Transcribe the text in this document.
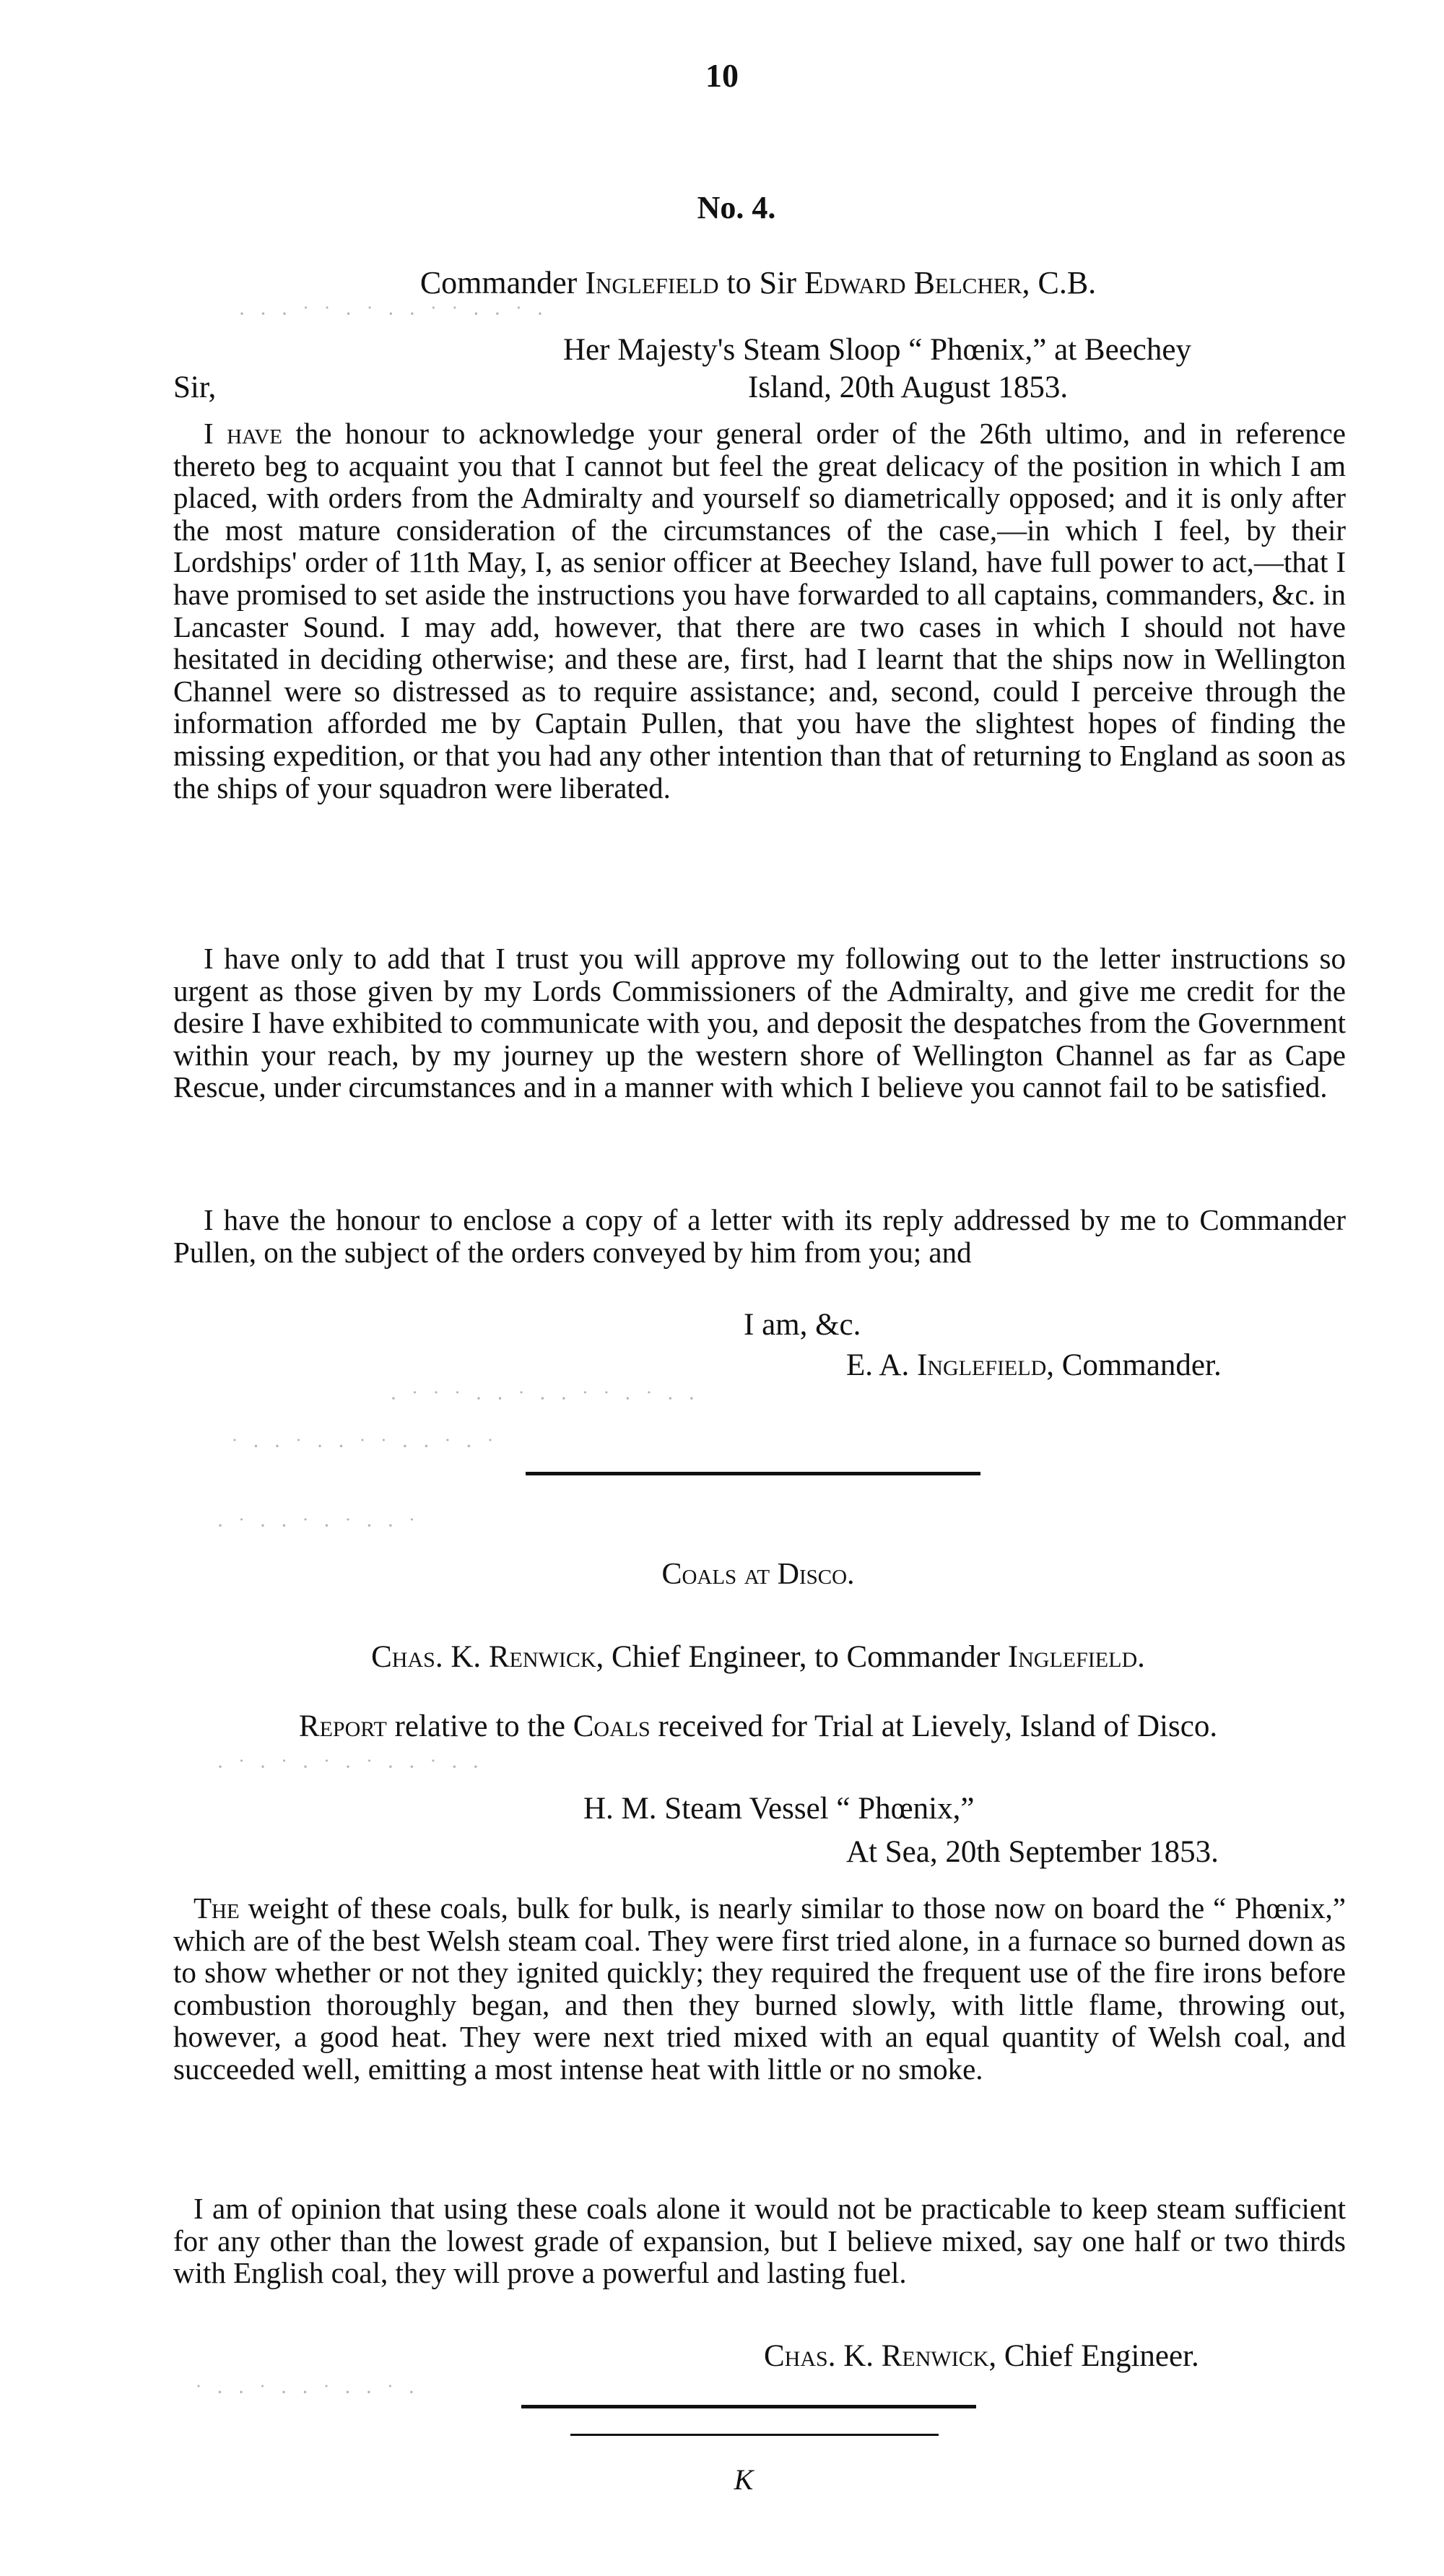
10
No. 4.
Commander Inglefield to Sir Edward Belcher, C.B.
· · · ˙ ˙ · ˙ · · ˙ ˙ · · ˙ ·
Her Majesty's Steam Sloop “ Phœnix,” at Beechey
Sir,	Island, 20th August 1853.
I have the honour to acknowledge your general order of the 26th ultimo, and in reference thereto beg to acquaint you that I cannot but feel the great delicacy of the position in which I am placed, with orders from the Admiralty and yourself so diametrically opposed; and it is only after the most mature consideration of the circumstances of the case,—in which I feel, by their Lordships' order of 11th May, I, as senior officer at Beechey Island, have full power to act,—that I have promised to set aside the instructions you have forwarded to all captains, commanders, &c. in Lancaster Sound. I may add, however, that there are two cases in which I should not have hesitated in deciding otherwise; and these are, first, had I learnt that the ships now in Wellington Channel were so distressed as to require assistance; and, second, could I perceive through the information afforded me by Captain Pullen, that you have the slightest hopes of finding the missing expedition, or that you had any other intention than that of returning to England as soon as the ships of your squadron were liberated.
I have only to add that I trust you will approve my following out to the letter instructions so urgent as those given by my Lords Commissioners of the Admiralty, and give me credit for the desire I have exhibited to communicate with you, and deposit the despatches from the Government within your reach, by my journey up the western shore of Wellington Channel as far as Cape Rescue, under circumstances and in a manner with which I believe you cannot fail to be satisfied.
I have the honour to enclose a copy of a letter with its reply addressed by me to Commander Pullen, on the subject of the orders conveyed by him from you; and
I am, &c.
E. A. Inglefield, Commander.
· ˙ ˙ ˙ · · ˙ · · ˙ ˙ · ˙ · ·
˙ · · ˙ · · ˙ ˙ · · ˙ · ˙
· ˙ · · ˙ · ˙ · · ˙
Coals at Disco.
Chas. K. Renwick, Chief Engineer, to Commander Inglefield.
Report relative to the Coals received for Trial at Lievely, Island of Disco.
· ˙ · ˙ · ˙ · ˙ · · ˙ · ·
H. M. Steam Vessel “ Phœnix,”
At Sea, 20th September 1853.
The weight of these coals, bulk for bulk, is nearly similar to those now on board the “ Phœnix,” which are of the best Welsh steam coal. They were first tried alone, in a furnace so burned down as to show whether or not they ignited quickly; they required the frequent use of the fire irons before combustion thoroughly began, and then they burned slowly, with little flame, throwing out, however, a good heat. They were next tried mixed with an equal quantity of Welsh coal, and succeeded well, emitting a most intense heat with little or no smoke.
I am of opinion that using these coals alone it would not be practicable to keep steam sufficient for any other than the lowest grade of expansion, but I believe mixed, say one half or two thirds with English coal, they will prove a powerful and lasting fuel.
Chas. K. Renwick, Chief Engineer.
˙ · · ˙ · · ˙ · · ˙ ·
K
